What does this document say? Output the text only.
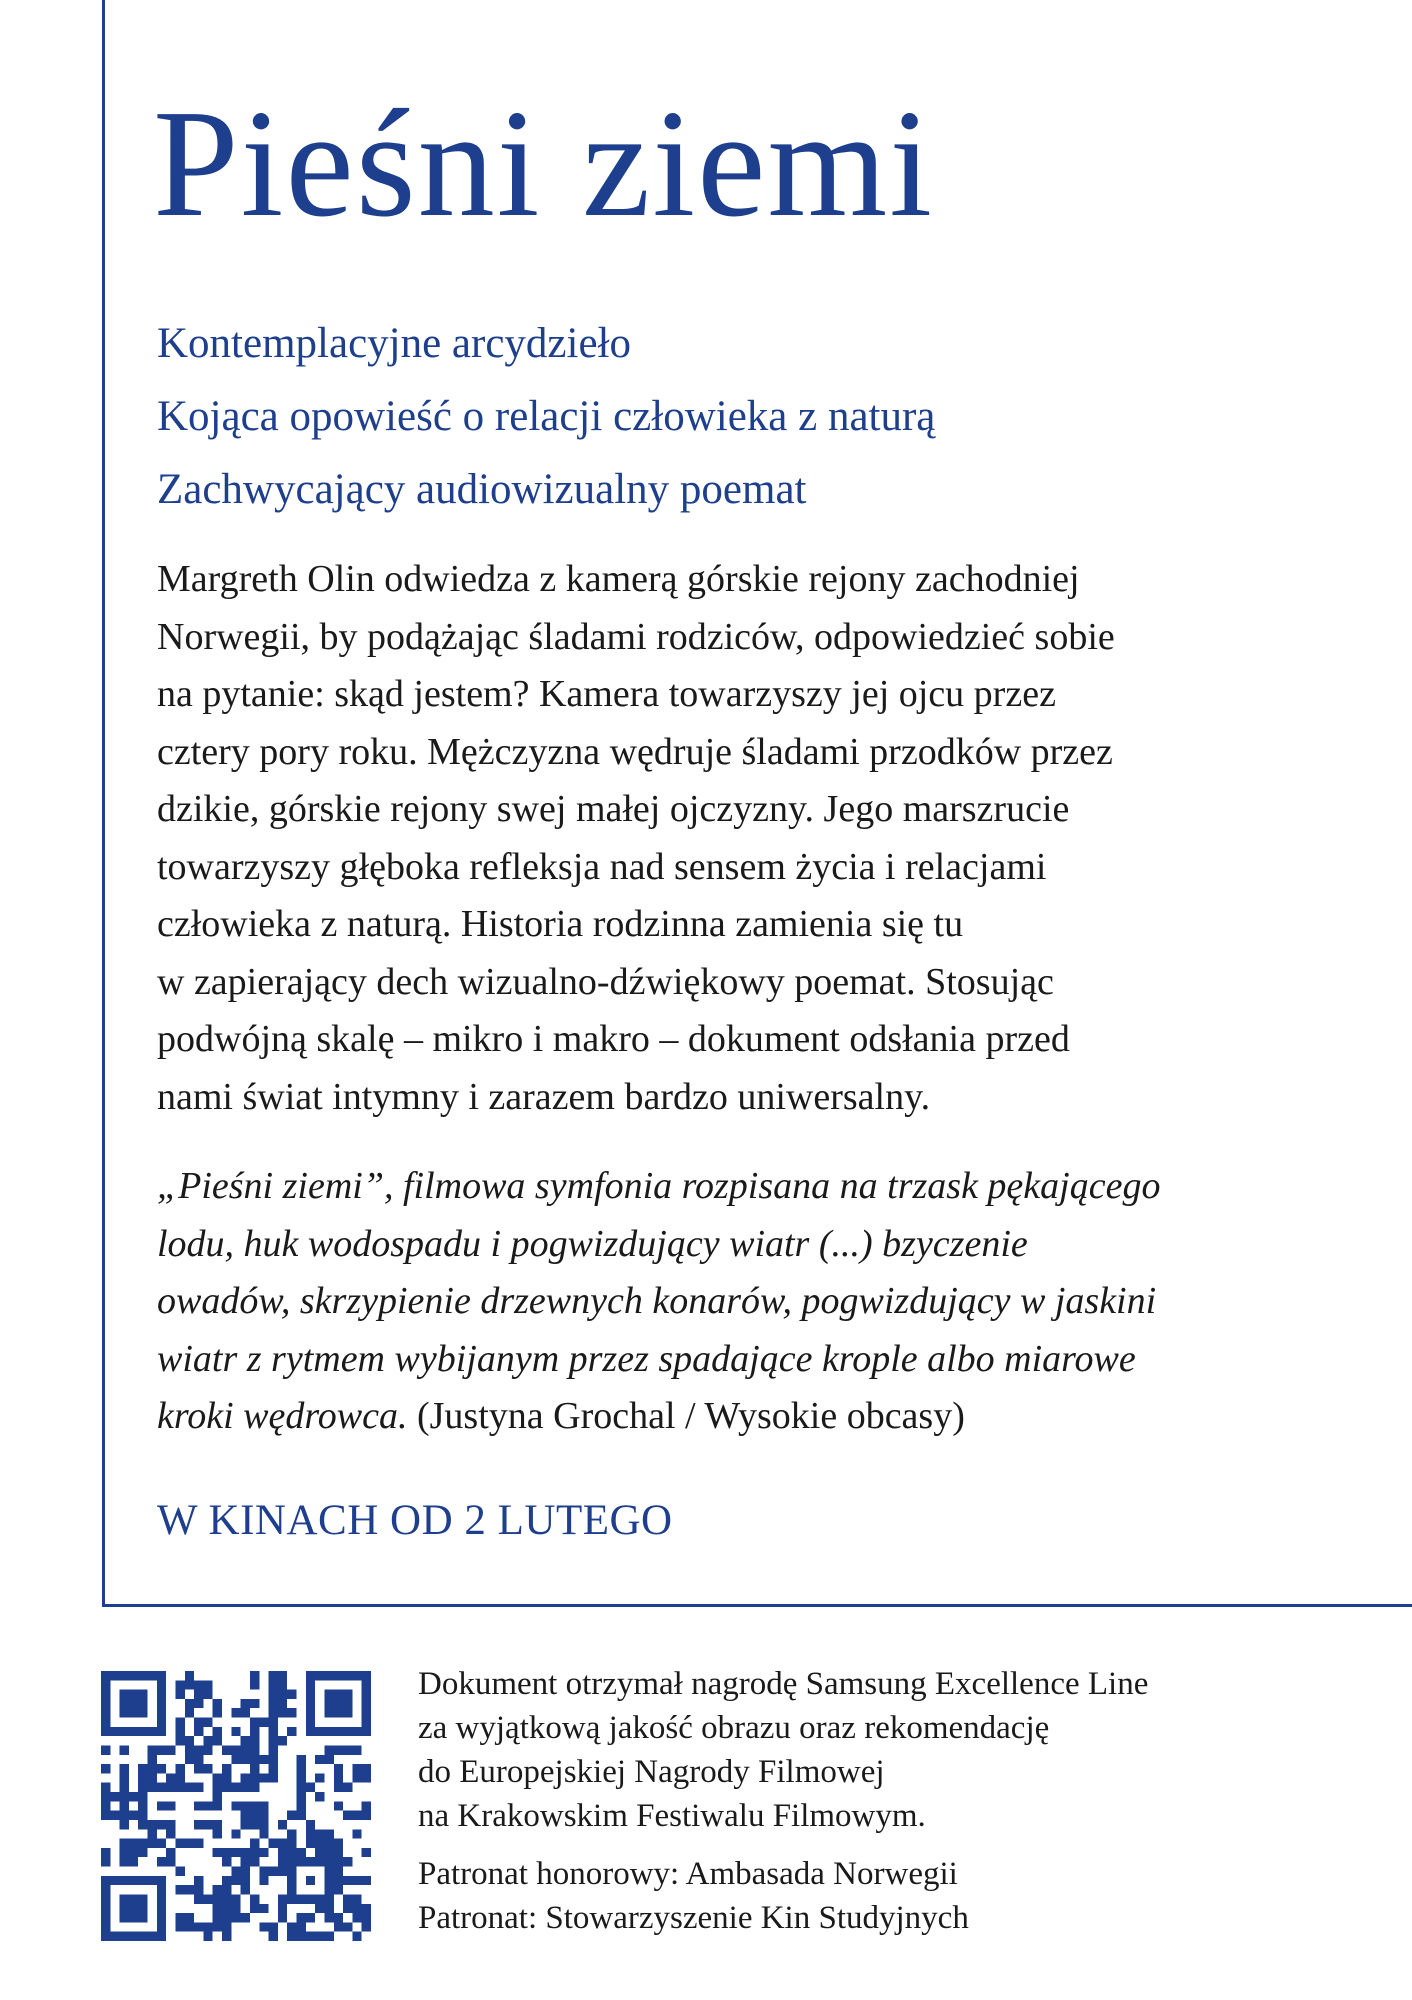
Pieśni ziemi
Kontemplacyjne arcydzieło
Kojąca opowieść o relacji człowieka z naturą
Zachwycający audiowizualny poemat
Margreth Olin odwiedza z kamerą górskie rejony zachodniej
Norwegii, by podążając śladami rodziców, odpowiedzieć sobie
na pytanie: skąd jestem? Kamera towarzyszy jej ojcu przez
cztery pory roku. Mężczyzna wędruje śladami przodków przez
dzikie, górskie rejony swej małej ojczyzny. Jego marszrucie
towarzyszy głęboka refleksja nad sensem życia i relacjami
człowieka z naturą. Historia rodzinna zamienia się tu
w zapierający dech wizualno-dźwiękowy poemat. Stosując
podwójną skalę – mikro i makro – dokument odsłania przed
nami świat intymny i zarazem bardzo uniwersalny.
„Pieśni ziemi”, filmowa symfonia rozpisana na trzask pękającego
lodu, huk wodospadu i pogwizdujący wiatr (...) bzyczenie
owadów, skrzypienie drzewnych konarów, pogwizdujący w jaskini
wiatr z rytmem wybijanym przez spadające krople albo miarowe
kroki wędrowca. (Justyna Grochal / Wysokie obcasy)
W KINACH OD 2 LUTEGO
Dokument otrzymał nagrodę Samsung Excellence Line
za wyjątkową jakość obrazu oraz rekomendację
do Europejskiej Nagrody Filmowej
na Krakowskim Festiwalu Filmowym.
Patronat honorowy: Ambasada Norwegii
Patronat: Stowarzyszenie Kin Studyjnych
